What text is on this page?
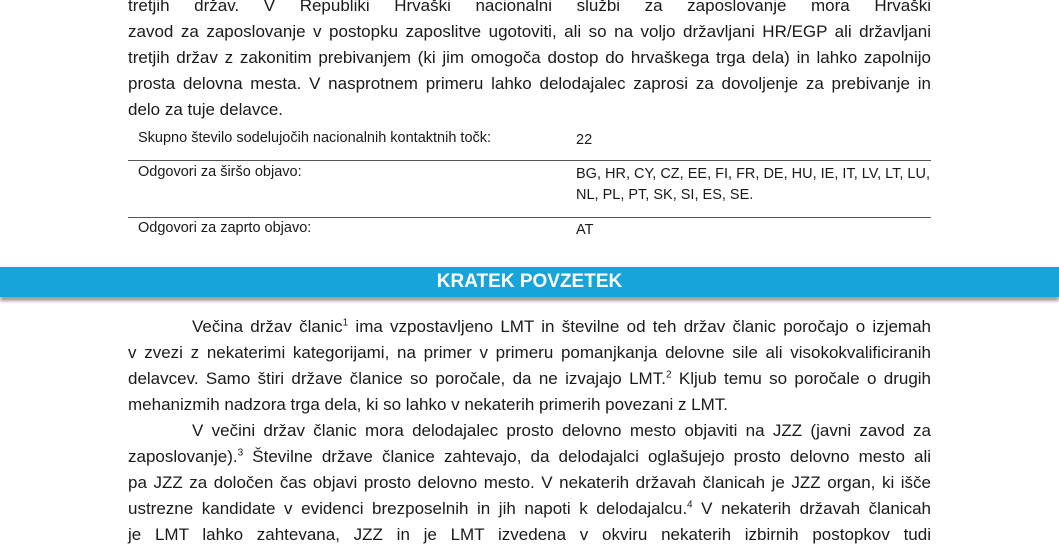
tretjih držav. V Republiki Hrvaški nacionalni službi za zaposlovanje mora Hrvaški
zavod za zaposlovanje v postopku zaposlitve ugotoviti, ali so na voljo državljani HR/EGP ali državljani
tretjih držav z zakonitim prebivanjem (ki jim omogoča dostop do hrvaškega trga dela) in lahko zapolnijo
prosta delovna mesta. V nasprotnem primeru lahko delodajalec zaprosi za dovoljenje za prebivanje in
delo za tuje delavce.
Skupno število sodelujočih nacionalnih kontaktnih točk:	22
Odgovori za širšo objavo:	BG, HR, CY, CZ, EE, FI, FR, DE, HU, IE, IT, LV, LT, LU, NL, PL, PT, SK, SI, ES, SE.
Odgovori za zaprto objavo:	AT
KRATEK POVZETEK
Večina držav članic$^1$ ima vzpostavljeno LMT in številne od teh držav članic poročajo o izjemah
v zvezi z nekaterimi kategorijami, na primer v primeru pomanjkanja delovne sile ali visokokvalificiranih
delavcev. Samo štiri države članice so poročale, da ne izvajajo LMT.$^2$ Kljub temu so poročale o drugih
mehanizmih nadzora trga dela, ki so lahko v nekaterih primerih povezani z LMT.
V večini držav članic mora delodajalec prosto delovno mesto objaviti na JZZ (javni zavod za
zaposlovanje).$^3$ Številne države članice zahtevajo, da delodajalci oglašujejo prosto delovno mesto ali
pa JZZ za določen čas objavi prosto delovno mesto. V nekaterih državah članicah je JZZ organ, ki išče
ustrezne kandidate v evidenci brezposelnih in jih napoti k delodajalcu.$^4$ V nekaterih državah članicah
je LMT lahko zahtevana, JZZ in je LMT izvedena v okviru nekaterih izbirnih postopkov tudi
